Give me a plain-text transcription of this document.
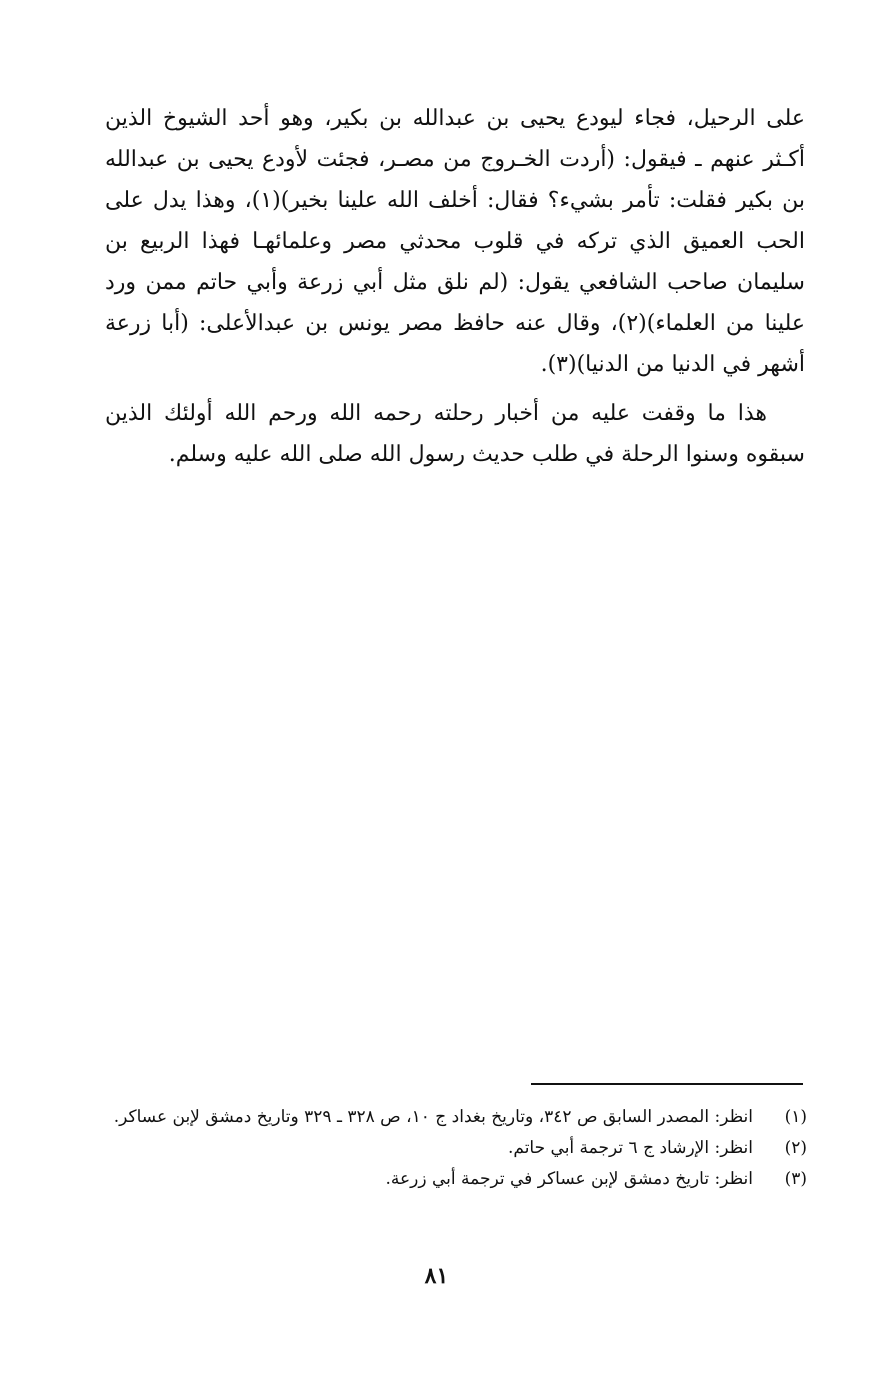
على الرحيل، فجاء ليودع يحيى بن عبدالله بن بكير، وهو أحد الشيوخ الذين أكـثر عنهم ـ فيقول: (أردت الخـروج من مصـر، فجئت لأودع يحيى بن عبدالله بن بكير فقلت: تأمر بشيء؟ فقال: أخلف الله علينا بخير)(١)، وهذا يدل على الحب العميق الذي تركه في قلوب محدثي مصر وعلمائهـا فهذا الربيع بن سليمان صاحب الشافعي يقول: (لم نلق مثل أبي زرعة وأبي حاتم ممن ورد علينا من العلماء)(٢)، وقال عنه حافظ مصر يونس بن عبدالأعلى: (أبا زرعة أشهر في الدنيا من الدنيا)(٣).

هذا ما وقفت عليه من أخبار رحلته رحمه الله ورحم الله أولئك الذين سبقوه وسنوا الرحلة في طلب حديث رسول الله صلى الله عليه وسلم.

(١)
انظر: المصدر السابق ص ٣٤٢، وتاريخ بغداد ج ١٠، ص ٣٢٨ ـ ٣٢٩ وتاريخ دمشق لإبن عساكر.
(٢)
انظر: الإرشاد ج ٦ ترجمة أبي حاتم.
(٣)
انظر: تاريخ دمشق لإبن عساكر في ترجمة أبي زرعة.
٨١
